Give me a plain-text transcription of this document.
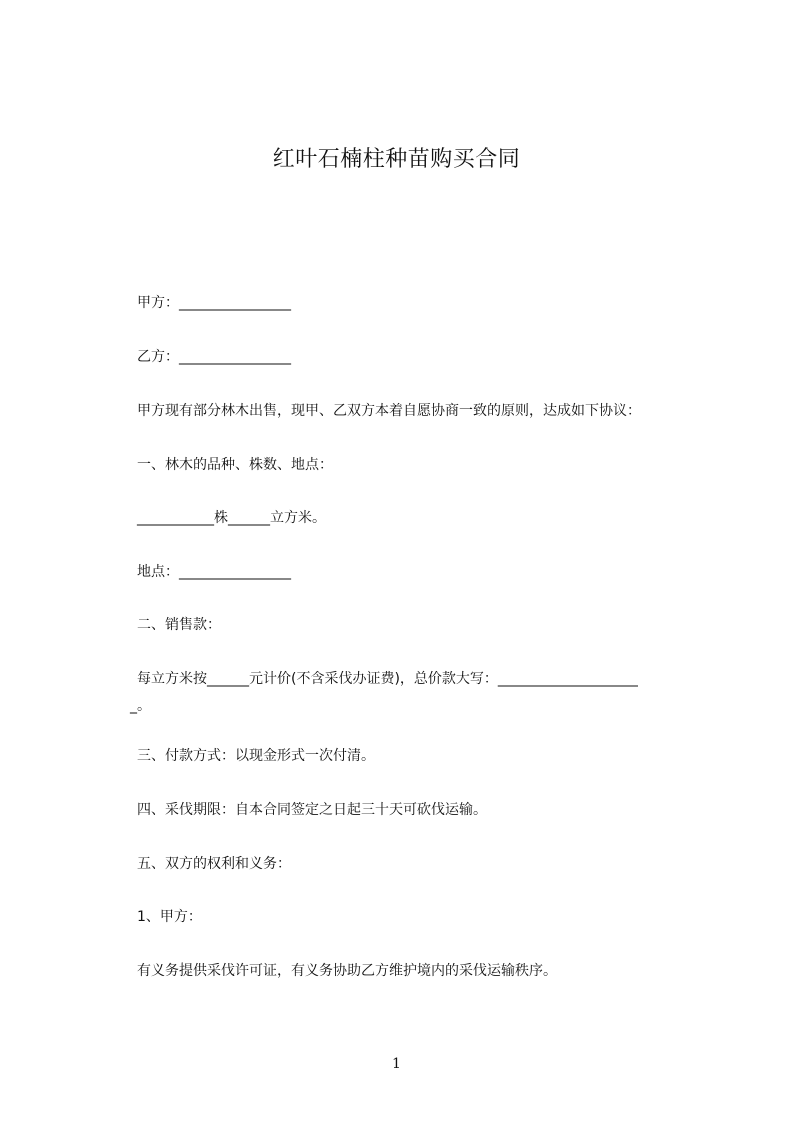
红叶石楠柱种苗购买合同
甲方：________________
乙方：________________
甲方现有部分林木出售，现甲、乙双方本着自愿协商一致的原则，达成如下协议：
一、林木的品种、株数、地点：
___________株______立方米。
地点：________________
二、销售款：
每立方米按______元计价(不含采伐办证费)，总价款大写：____________________
_。
三、付款方式：以现金形式一次付清。
四、采伐期限：自本合同签定之日起三十天可砍伐运输。
五、双方的权利和义务：
1、甲方：
有义务提供采伐许可证，有义务协助乙方维护境内的采伐运输秩序。
1
